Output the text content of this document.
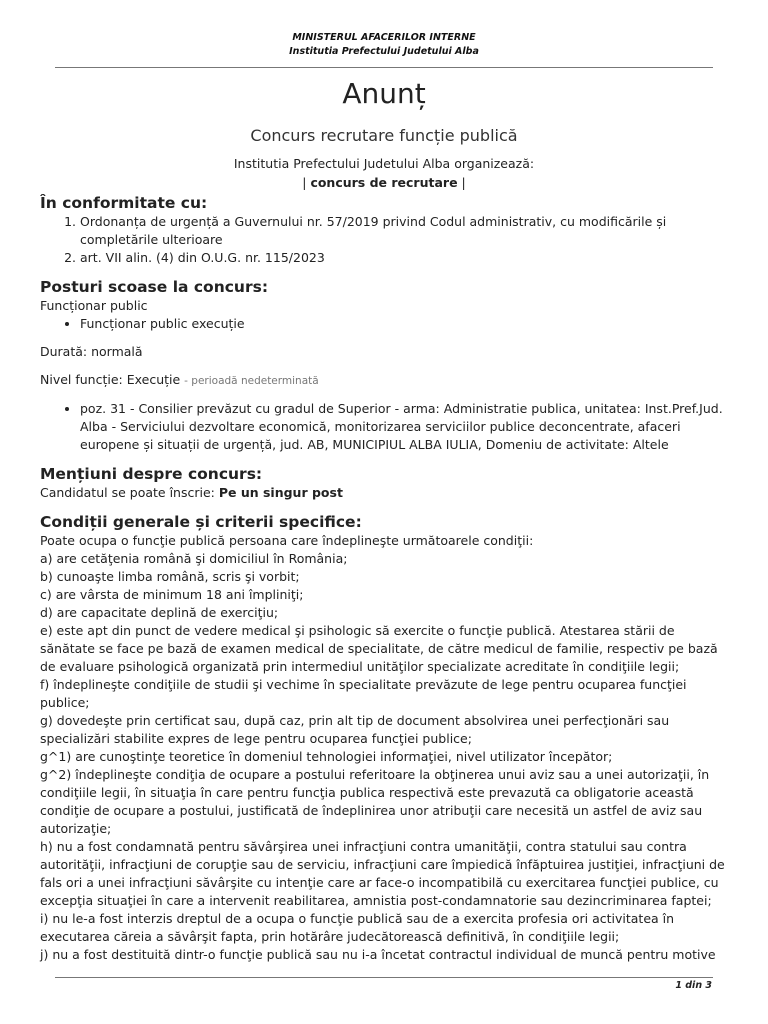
MINISTERUL AFACERILOR INTERNE
Institutia Prefectului Judetului Alba
Anunț
Concurs recrutare funcție publică
Institutia Prefectului Judetului Alba organizează:
| concurs de recrutare |
În conformitate cu:
1. Ordonanța de urgență a Guvernului nr. 57/2019 privind Codul administrativ, cu modificările și completările ulterioare
2. art. VII alin. (4) din O.U.G. nr. 115/2023
Posturi scoase la concurs:

Funcționar public

• Funcționar public execuție

Durată: normală

Nivel funcție: Execuție - perioadă nedeterminată

• poz. 31 - Consilier prevăzut cu gradul de Superior - arma: Administratie publica, unitatea: Inst.Pref.Jud. Alba - Serviciului dezvoltare economică, monitorizarea serviciilor publice deconcentrate, afaceri europene și situații de urgență, jud. AB, MUNICIPIUL ALBA IULIA, Domeniu de activitate: Altele
Mențiuni despre concurs:

Candidatul se poate înscrie: Pe un singur post

Condiții generale și criterii specifice:

Poate ocupa o funcţie publică persoana care îndeplineşte următoarele condiţii:

a) are cetăţenia română şi domiciliul în România;

b) cunoaşte limba română, scris şi vorbit;

c) are vârsta de minimum 18 ani împliniţi;

d) are capacitate deplină de exerciţiu;

e) este apt din punct de vedere medical şi psihologic să exercite o funcţie publică. Atestarea stării de sănătate se face pe bază de examen medical de specialitate, de către medicul de familie, respectiv pe bază de evaluare psihologică organizată prin intermediul unităţilor specializate acreditate în condiţiile legii;

f) îndeplineşte condiţiile de studii şi vechime în specialitate prevăzute de lege pentru ocuparea funcţiei publice;

g) dovedeşte prin certificat sau, după caz, prin alt tip de document absolvirea unei perfecţionări sau specializări stabilite expres de lege pentru ocuparea funcţiei publice;

g^1) are cunoştinţe teoretice în domeniul tehnologiei informaţiei, nivel utilizator începător;

g^2) îndeplineşte condiţia de ocupare a postului referitoare la obţinerea unui aviz sau a unei autorizaţii, în condiţiile legii, în situaţia în care pentru funcţia publica respectivă este prevazută ca obligatorie această condiţie de ocupare a postului, justificată de îndeplinirea unor atribuţii care necesită un astfel de aviz sau autorizaţie;

h) nu a fost condamnată pentru săvârşirea unei infracţiuni contra umanităţii, contra statului sau contra autorităţii, infracţiuni de corupţie sau de serviciu, infracţiuni care împiedică înfăptuirea justiţiei, infracţiuni de fals ori a unei infracţiuni săvârşite cu intenţie care ar face-o incompatibilă cu exercitarea funcţiei publice, cu excepţia situaţiei în care a intervenit reabilitarea, amnistia post-condamnatorie sau dezincriminarea faptei;

i) nu le-a fost interzis dreptul de a ocupa o funcţie publică sau de a exercita profesia ori activitatea în executarea căreia a săvârşit fapta, prin hotărâre judecătorească definitivă, în condiţiile legii;

j) nu a fost destituită dintr-o funcţie publică sau nu i-a încetat contractul individual de muncă pentru motive

1 din 3
